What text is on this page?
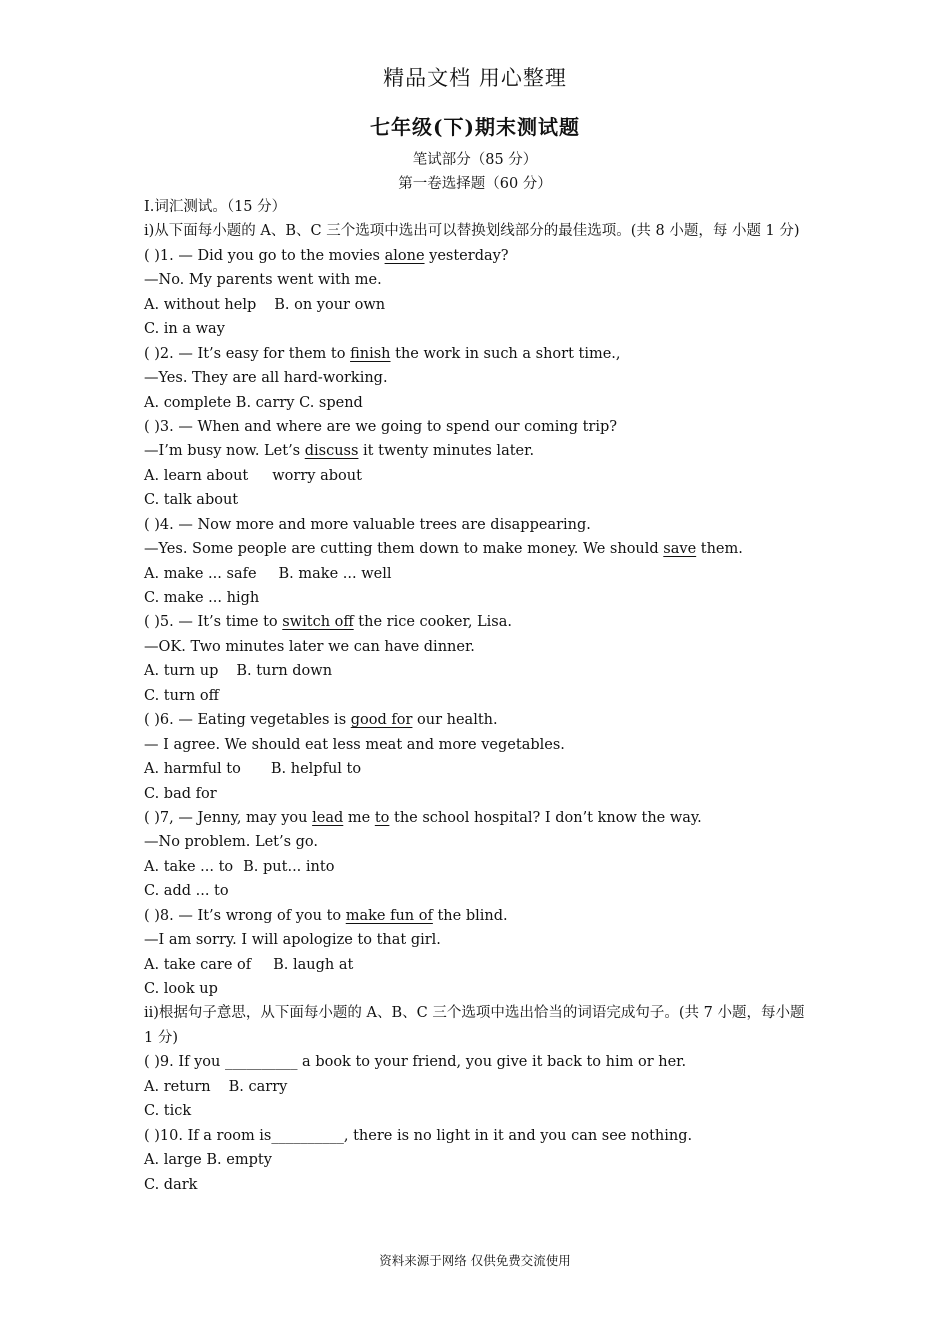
精品文档 用心整理
七年级(下)期末测试题
笔试部分（85 分）
第一卷选择题（60 分）
I.词汇测试。（15 分）
i)从下面每小题的 A、B、C 三个选项中选出可以替换划线部分的最佳选项。(共 8 小题，每 小题 1 分)
( )1. — Did you go to the movies alone yesterday?
—No. My parents went with me.
A. without help B. on your own
C. in a way
( )2. — It’s easy for them to finish the work in such a short time.,
—Yes. They are all hard-working.
A. complete B. carry C. spend
( )3. — When and where are we going to spend our coming trip?
—I’m busy now. Let’s discuss it twenty minutes later.
A. learn about worry about
C. talk about
( )4. — Now more and more valuable trees are disappearing.
—Yes. Some people are cutting them down to make money. We should save them.
A. make ... safe B. make ... well
C. make ... high
( )5. — It’s time to switch off the rice cooker, Lisa.
—OK. Two minutes later we can have dinner.
A. turn up B. turn down
C. turn off
( )6. — Eating vegetables is good for our health.
— I agree. We should eat less meat and more vegetables.
A. harmful to B. helpful to
C. bad for
( )7, — Jenny, may you lead me to the school hospital? I don’t know the way.
—No problem. Let’s go.
A. take ... to B. put... into
C. add ... to
( )8. — It’s wrong of you to make fun of the blind.
—I am sorry. I will apologize to that girl.
A. take care of B. laugh at
C. look up
ii)根据句子意思，从下面每小题的 A、B、C 三个选项中选出恰当的词语完成句子。(共 7 小题，每小题 1 分)
( )9. If you __________ a book to your friend, you give it back to him or her.
A. return B. carry
C. tick
( )10. If a room is__________, there is no light in it and you can see nothing.
A. large B. empty
C. dark
资料来源于网络 仅供免费交流使用
